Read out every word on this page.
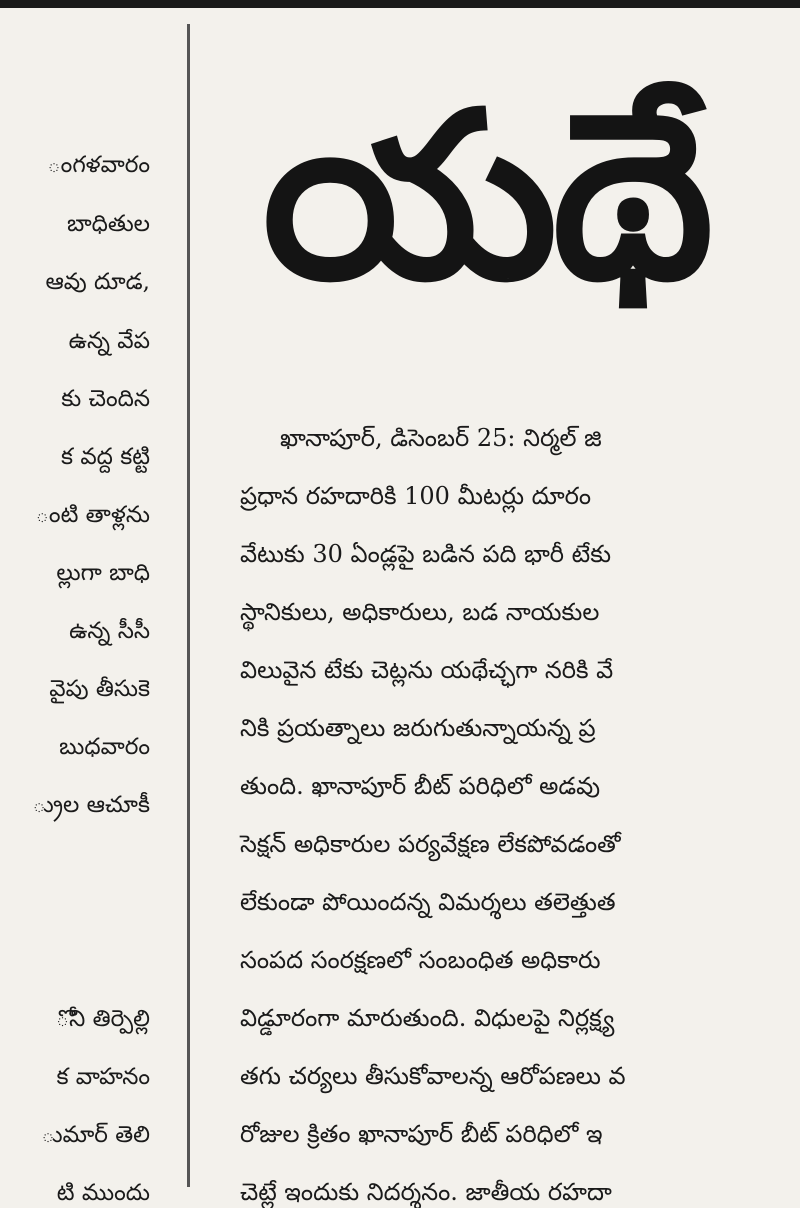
యథే
ంగళవారం
బాధితుల
ఆవు దూడ,
ఉన్న వేప
కు చెందిన
క వద్ద కట్టి
ంటి తాళ్లను
ల్లుగా బాధి
ఉన్న సీసీ
వైపు తీసుకె
బుధవారం
్రుల ఆచూకీ
ోని తిర్పెల్లి
క వాహనం
ుమార్ తెలి
టి ముందు
ఖానాపూర్, డిసెంబర్ 25: నిర్మల్ జి
ప్రధాన రహదారికి 100 మీటర్లు దూరం
వేటుకు 30 ఏండ్లపై బడిన పది భారీ టేకు
స్థానికులు, అధికారులు, బడ నాయకుల
విలువైన టేకు చెట్లను యథేచ్ఛగా నరికి వే
నికి ప్రయత్నాలు జరుగుతున్నాయన్న ప్ర
తుంది. ఖానాపూర్ బీట్ పరిధిలో అడవు
సెక్షన్ అధికారుల పర్యవేక్షణ లేకపోవడంతో
లేకుండా పోయిందన్న విమర్శలు తలెత్తుత
సంపద సంరక్షణలో సంబంధిత అధికారు
విడ్డూరంగా మారుతుంది. విధులపై నిర్లక్ష్య
తగు చర్యలు తీసుకోవాలన్న ఆరోపణలు వ
రోజుల క్రితం ఖానాపూర్ బీట్ పరిధిలో ఇ
చెట్లే ఇందుకు నిదర్శనం. జాతీయ రహదా
